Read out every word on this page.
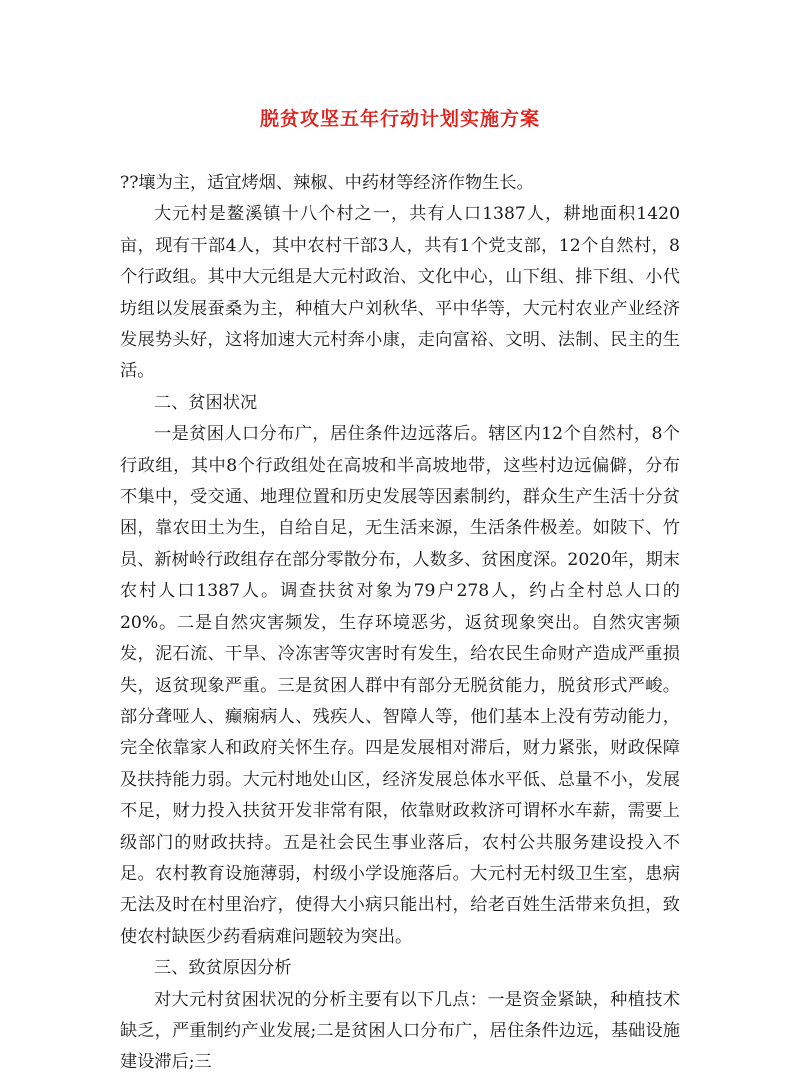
脱贫攻坚五年行动计划实施方案

??壤为主，适宜烤烟、辣椒、中药材等经济作物生长。

大元村是鳌溪镇十八个村之一，共有人口1387人，耕地面积1420亩，现有干部4人，其中农村干部3人，共有1个党支部，12个自然村，8个行政组。其中大元组是大元村政治、文化中心，山下组、排下组、小代坊组以发展蚕桑为主，种植大户刘秋华、平中华等，大元村农业产业经济发展势头好，这将加速大元村奔小康，走向富裕、文明、法制、民主的生活。

二、贫困状况

一是贫困人口分布广，居住条件边远落后。辖区内12个自然村，8个行政组，其中8个行政组处在高坡和半高坡地带，这些村边远偏僻，分布不集中，受交通、地理位置和历史发展等因素制约，群众生产生活十分贫困，靠农田土为生，自给自足，无生活来源，生活条件极差。如陂下、竹员、新树岭行政组存在部分零散分布，人数多、贫困度深。2020年，期末农村人口1387人。调查扶贫对象为79户278人，约占全村总人口的20%。二是自然灾害频发，生存环境恶劣，返贫现象突出。自然灾害频发，泥石流、干旱、冷冻害等灾害时有发生，给农民生命财产造成严重损失，返贫现象严重。三是贫困人群中有部分无脱贫能力，脱贫形式严峻。部分聋哑人、癫痫病人、残疾人、智障人等，他们基本上没有劳动能力，完全依靠家人和政府关怀生存。四是发展相对滞后，财力紧张，财政保障及扶持能力弱。大元村地处山区，经济发展总体水平低、总量不小，发展不足，财力投入扶贫开发非常有限，依靠财政救济可谓杯水车薪，需要上级部门的财政扶持。五是社会民生事业落后，农村公共服务建设投入不足。农村教育设施薄弱，村级小学设施落后。大元村无村级卫生室，患病无法及时在村里治疗，使得大小病只能出村，给老百姓生活带来负担，致使农村缺医少药看病难问题较为突出。

三、致贫原因分析

对大元村贫困状况的分析主要有以下几点：一是资金紧缺，种植技术缺乏，严重制约产业发展;二是贫困人口分布广，居住条件边远，基础设施建设滞后;三
